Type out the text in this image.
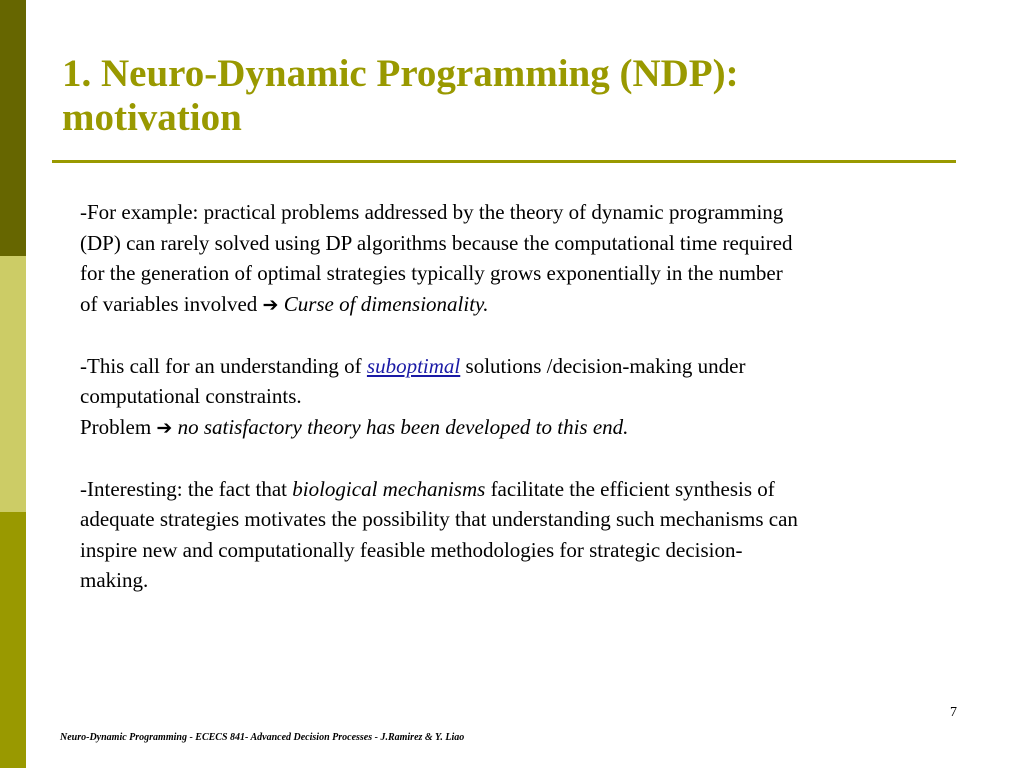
1. Neuro-Dynamic Programming (NDP):
motivation
-For example: practical problems addressed by the theory of dynamic programming
(DP) can rarely solved using DP algorithms because the computational time required
for the generation of optimal strategies typically grows exponentially in the number
of variables involved ➔ Curse of dimensionality.
-This call for an understanding of suboptimal solutions /decision-making under
computational constraints.
Problem ➔ no satisfactory theory has been developed to this end.
-Interesting: the fact that biological mechanisms facilitate the efficient synthesis of
adequate strategies motivates the possibility that understanding such mechanisms can
inspire new and computationally feasible methodologies for strategic decision-
making.
7
Neuro-Dynamic Programming - ECECS 841- Advanced Decision Processes - J.Ramirez & Y. Liao
